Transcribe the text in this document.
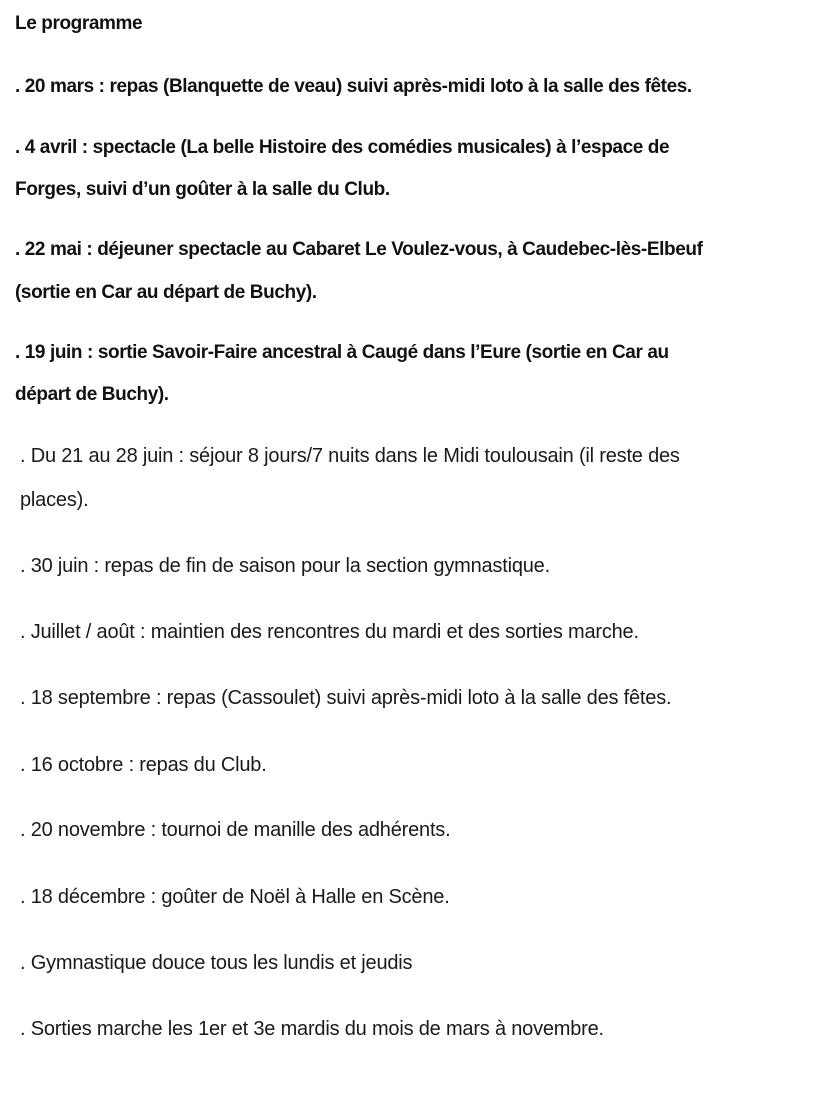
Le programme
. 20 mars : repas (Blanquette de veau) suivi après-midi loto à la salle des fêtes.
. 4 avril : spectacle (La belle Histoire des comédies musicales) à l’espace de
Forges, suivi d’un goûter à la salle du Club.
. 22 mai : déjeuner spectacle au Cabaret Le Voulez-vous, à Caudebec-lès-Elbeuf
(sortie en Car au départ de Buchy).
. 19 juin : sortie Savoir-Faire ancestral à Caugé dans l’Eure (sortie en Car au
départ de Buchy).
. Du 21 au 28 juin : séjour 8 jours/7 nuits dans le Midi toulousain (il reste des
places).
. 30 juin : repas de fin de saison pour la section gymnastique.
. Juillet / août : maintien des rencontres du mardi et des sorties marche.
. 18 septembre : repas (Cassoulet) suivi après-midi loto à la salle des fêtes.
. 16 octobre : repas du Club.
. 20 novembre : tournoi de manille des adhérents.
. 18 décembre : goûter de Noël à Halle en Scène.
. Gymnastique douce tous les lundis et jeudis
. Sorties marche les 1er et 3e mardis du mois de mars à novembre.
